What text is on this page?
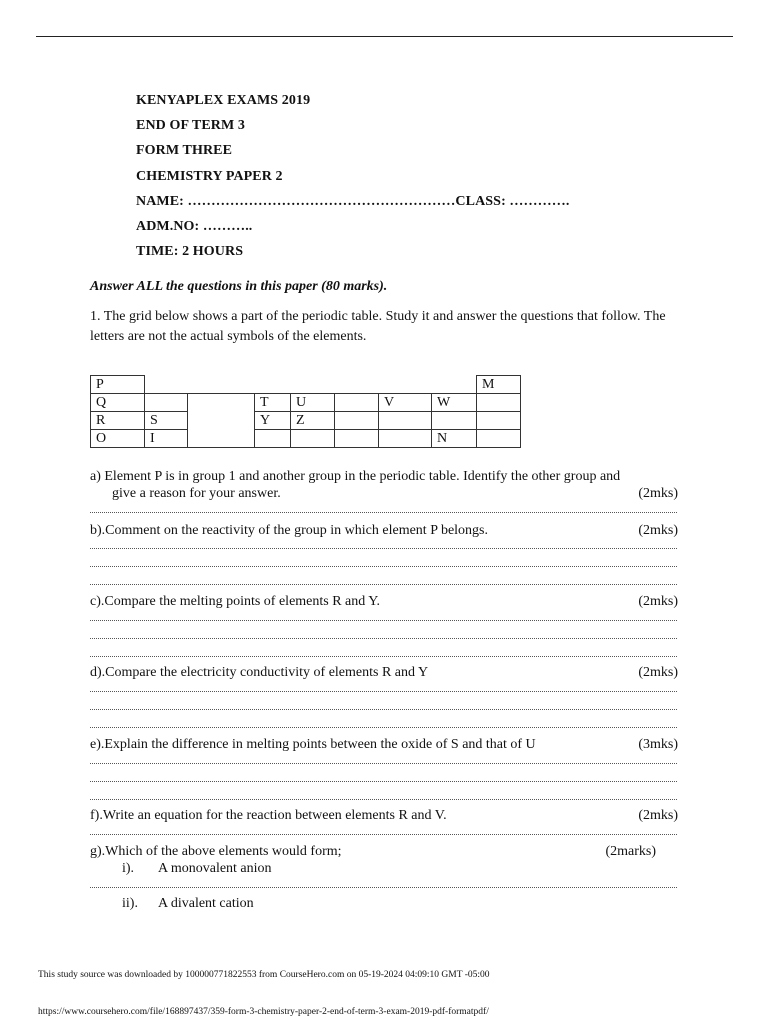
KENYAPLEX EXAMS 2019
END OF TERM 3
FORM THREE
CHEMISTRY PAPER 2
NAME: …………………………………………………CLASS: ………….
ADM.NO: ………..
TIME: 2 HOURS
Answer ALL the questions in this paper (80 marks).
1. The grid below shows a part of the periodic table. Study it and answer the questions that follow. The letters are not the actual symbols of the elements.
P								M
Q			T	U		V	W	
R	S		Y	Z				
O	I						N	
a) Element P is in group 1 and another group in the periodic table. Identify the other group and
give a reason for your answer.	(2mks)
b).Comment on the reactivity of the group in which element P belongs.	(2mks)
c).Compare the melting points of elements R and Y.	(2mks)
d).Compare the electricity conductivity of elements R and Y	(2mks)
e).Explain the difference in melting points between the oxide of S and that of U	(3mks)
f).Write an equation for the reaction between elements R and V.	(2mks)
g).Which of the above elements would form;	(2marks)
i). A monovalent anion
ii). A divalent cation
This study source was downloaded by 100000771822553 from CourseHero.com on 05-19-2024 04:09:10 GMT -05:00
https://www.coursehero.com/file/168897437/359-form-3-chemistry-paper-2-end-of-term-3-exam-2019-pdf-formatpdf/
